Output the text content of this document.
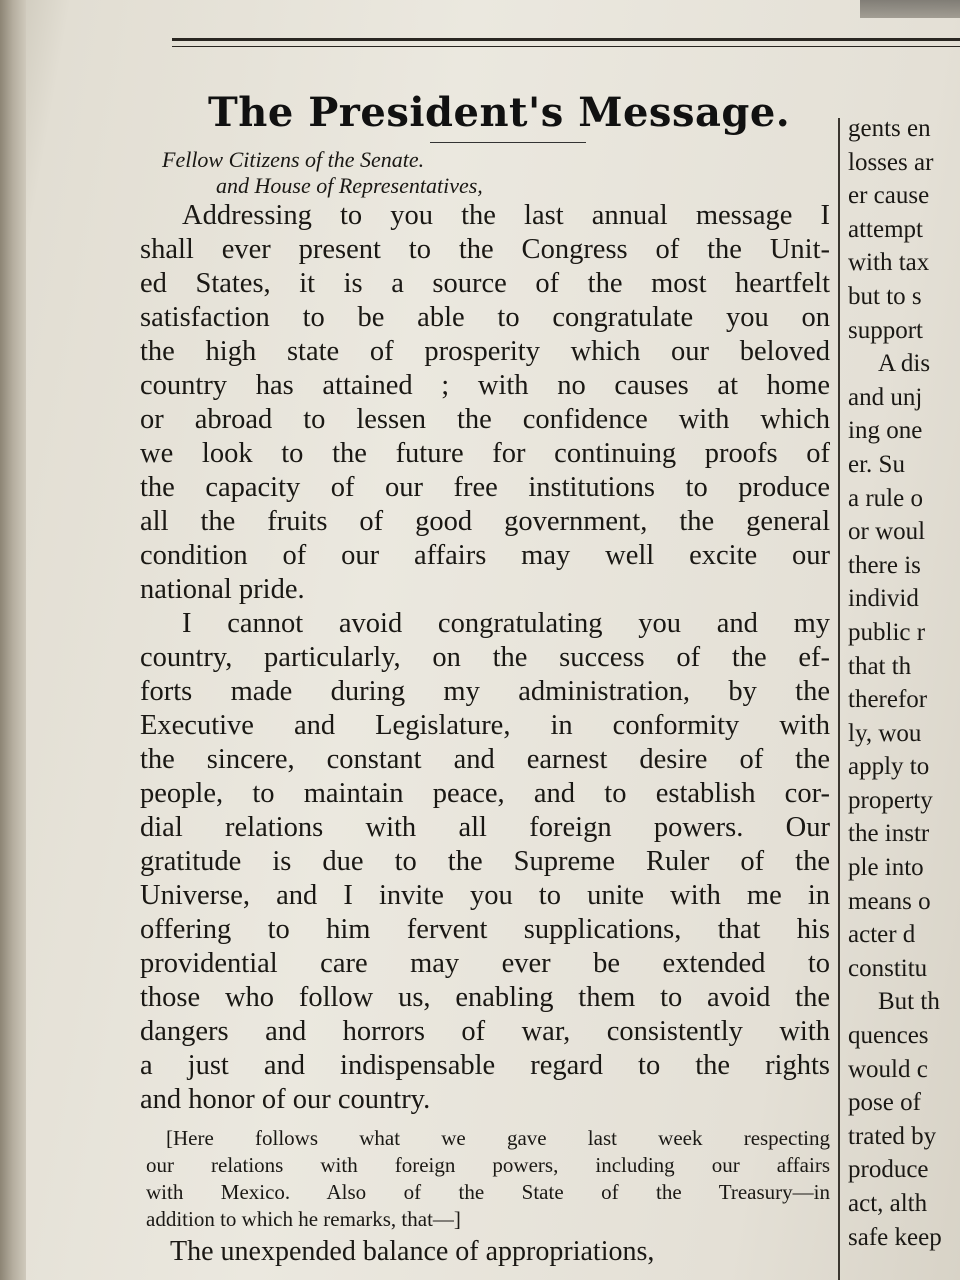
The President's Message.
Fellow Citizens of the Senate.
and House of Representatives,

Addressing to you the last annual message I
shall ever present to the Congress of the Unit-
ed States, it is a source of the most heartfelt
satisfaction to be able to congratulate you on
the high state of prosperity which our beloved
country has attained ; with no causes at home
or abroad to lessen the confidence with which
we look to the future for continuing proofs of
the capacity of our free institutions to produce
all the fruits of good government, the general
condition of our affairs may well excite our
national pride.

I cannot avoid congratulating you and my
country, particularly, on the success of the ef-
forts made during my administration, by the
Executive and Legislature, in conformity with
the sincere, constant and earnest desire of the
people, to maintain peace, and to establish cor-
dial relations with all foreign powers. Our
gratitude is due to the Supreme Ruler of the
Universe, and I invite you to unite with me in
offering to him fervent supplications, that his
providential care may ever be extended to
those who follow us, enabling them to avoid the
dangers and horrors of war, consistently with
a just and indispensable regard to the rights
and honor of our country.

[Here follows what we gave last week respecting
our relations with foreign powers, including our affairs
with Mexico. Also of the State of the Treasury—in
addition to which he remarks, that—]
The unexpended balance of appropriations,
gents en
losses ar
er cause
attempt
with tax
but to s
support
A dis
and unj
ing one
er. Su
a rule o
or woul
there is
individ
public r
that th
therefor
ly, wou
apply to
property
the instr
ple into
means o
acter d
constitu
But th
quences
would c
pose of
trated by
produce
act, alth
safe keep
